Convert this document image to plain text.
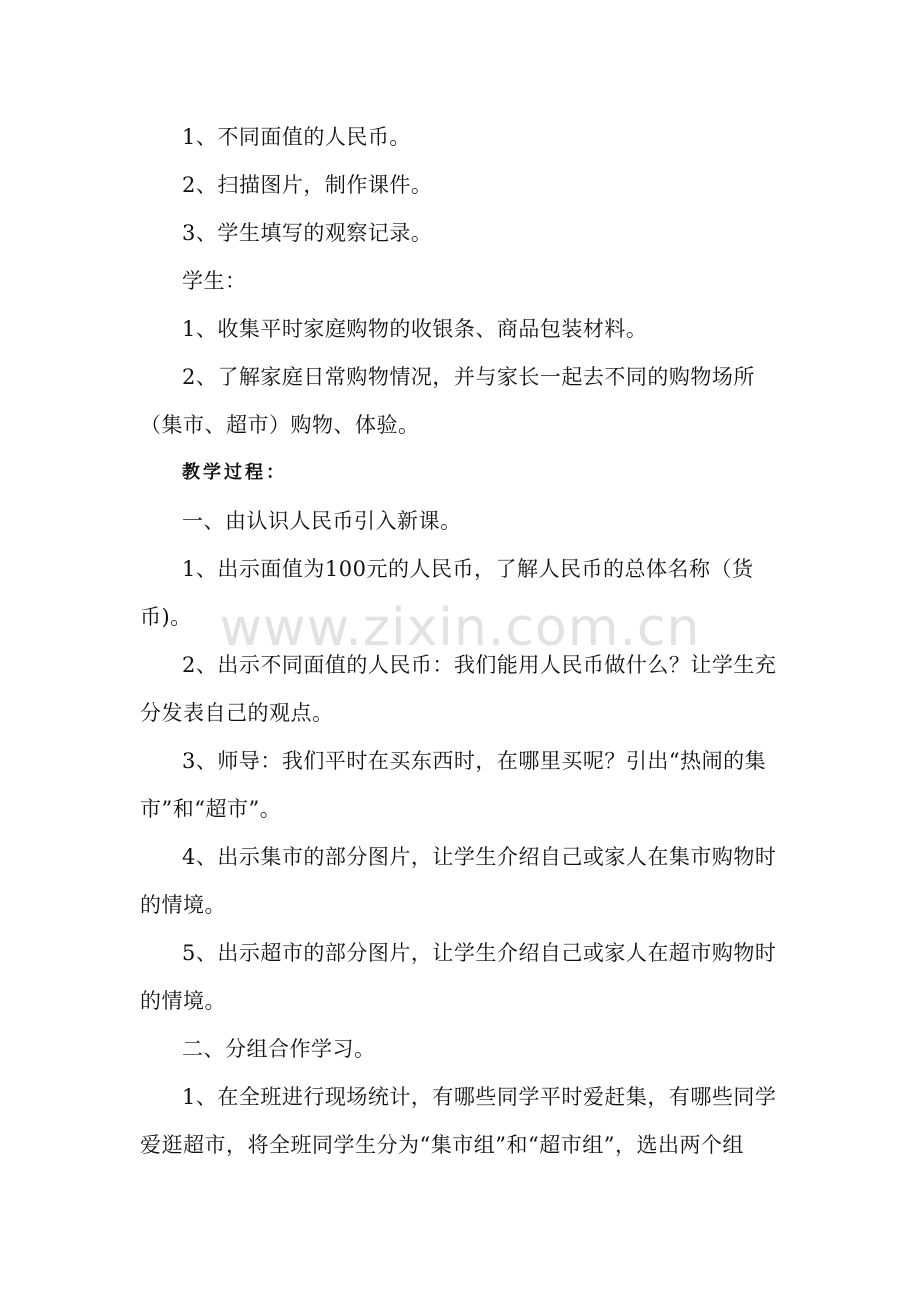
1、不同面值的人民币。

2、扫描图片，制作课件。

3、学生填写的观察记录。

学生：

1、收集平时家庭购物的收银条、商品包装材料。

2、了解家庭日常购物情况，并与家长一起去不同的购物场所（集市、超市）购物、体验。

教学过程：

一、由认识人民币引入新课。

1、出示面值为100元的人民币，了解人民币的总体名称（货币)。

2、出示不同面值的人民币：我们能用人民币做什么？让学生充分发表自己的观点。

3、师导：我们平时在买东西时，在哪里买呢？引出“热闹的集市”和“超市”。

4、出示集市的部分图片，让学生介绍自己或家人在集市购物时的情境。

5、出示超市的部分图片，让学生介绍自己或家人在超市购物时的情境。

二、分组合作学习。

1、在全班进行现场统计，有哪些同学平时爱赶集，有哪些同学爱逛超市，将全班同学生分为“集市组”和“超市组”，选出两个组

www.zixin.com.cn
